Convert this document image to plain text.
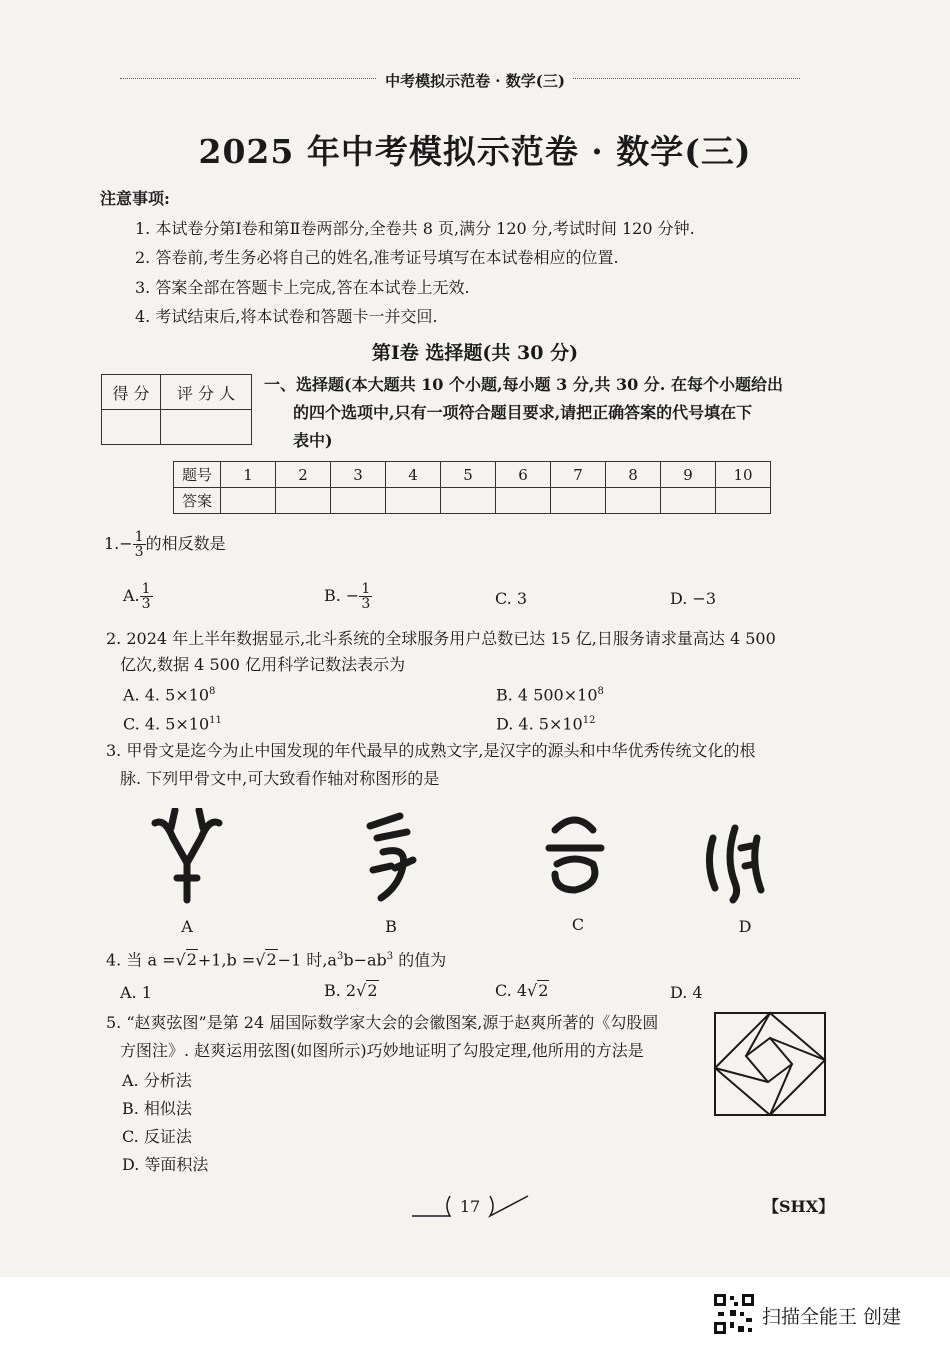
中考模拟示范卷 · 数学(三)
2025 年中考模拟示范卷 · 数学(三)
注意事项:
1. 本试卷分第Ⅰ卷和第Ⅱ卷两部分,全卷共 8 页,满分 120 分,考试时间 120 分钟.
2. 答卷前,考生务必将自己的姓名,准考证号填写在本试卷相应的位置.
3. 答案全部在答题卡上完成,答在本试卷上无效.
4. 考试结束后,将本试卷和答题卡一并交回.
第Ⅰ卷 选择题(共 30 分)
得 分	评 分 人
	一、选择题(本大题共 10 个小题,每小题 3 分,共 30 分. 在每个小题给出
的四个选项中,只有一项符合题目要求,请把正确答案的代号填在下
表中)
题号	1	2	3	4	5	6	7	8	9	10
答案										
$1.- \frac{1}{3}$ 的相反数是
A. $\frac{1}{3}$	B. − $\frac{1}{3}$	C. 3	D. −3
2. 2024 年上半年数据显示,北斗系统的全球服务用户总数已达 15 亿,日服务请求量高达 4 500
亿次,数据 4 500 亿用科学记数法表示为
A. 4. $5\times 10^8$	B. 4 $500\times 10^8$
C. 4. $5\times 10^{11}$	D. 4. $5\times 10^{12}$
3. 甲骨文是迄今为止中国发现的年代最早的成熟文字,是汉字的源头和中华优秀传统文化的根
脉. 下列甲骨文中,可大致看作轴对称图形的是
A	B	C	D
4. 当 a =√2+1,b =√2−1 时$,a^3b-ab^3$ 的值为
A. 1	B. 2√2	C. 4√2	D. 4
5. “赵爽弦图”是第 24 届国际数学家大会的会徽图案,源于赵爽所著的《勾股圆
方图注》. 赵爽运用弦图(如图所示)巧妙地证明了勾股定理,他所用的方法是
A. 分析法
B. 相似法
C. 反证法
D. 等面积法
17	【SHX】
扫描全能王 创建
